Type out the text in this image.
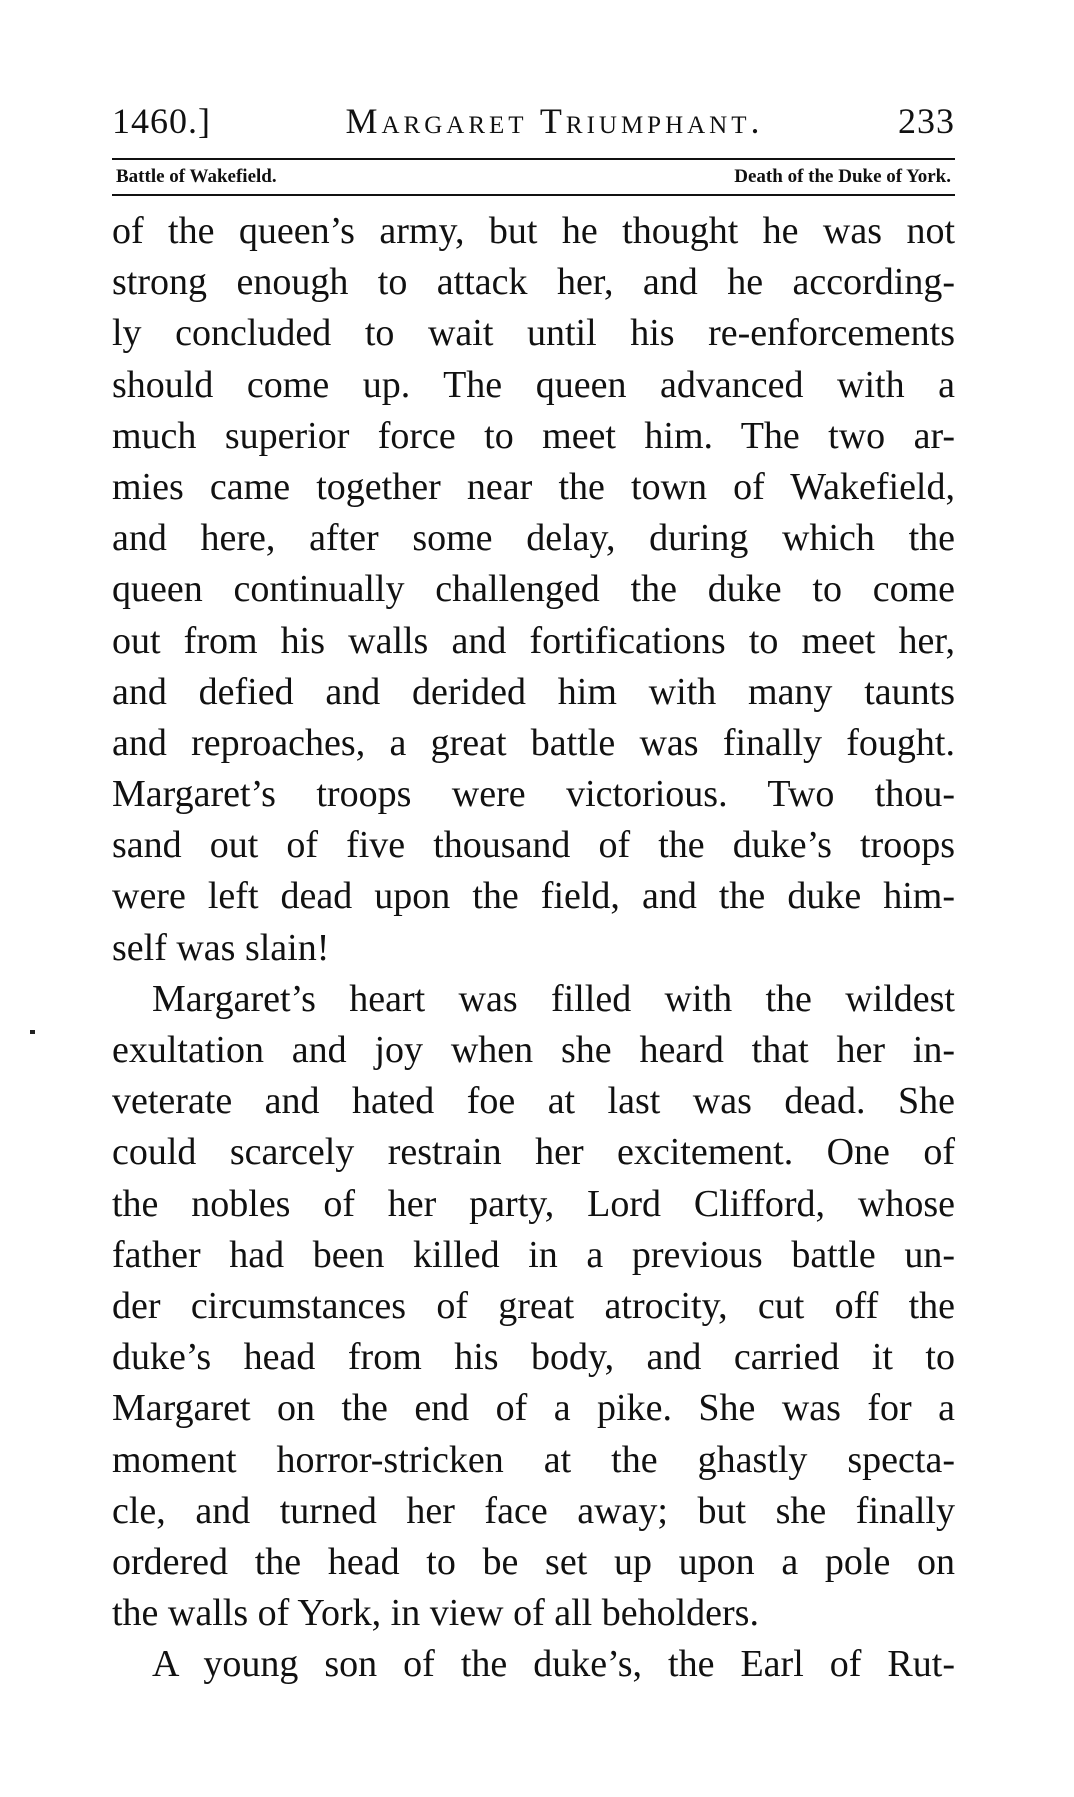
1460.]	Margaret Triumphant.	233
Battle of Wakefield.	Death of the Duke of York.
of the queen’s army, but he thought he was not
strong enough to attack her, and he according-
ly concluded to wait until his re-enforcements
should come up. The queen advanced with a
much superior force to meet him. The two ar-
mies came together near the town of Wakefield,
and here, after some delay, during which the
queen continually challenged the duke to come
out from his walls and fortifications to meet her,
and defied and derided him with many taunts
and reproaches, a great battle was finally fought.
Margaret’s troops were victorious. Two thou-
sand out of five thousand of the duke’s troops
were left dead upon the field, and the duke him-
self was slain!
Margaret’s heart was filled with the wildest
exultation and joy when she heard that her in-
veterate and hated foe at last was dead. She
could scarcely restrain her excitement. One of
the nobles of her party, Lord Clifford, whose
father had been killed in a previous battle un-
der circumstances of great atrocity, cut off the
duke’s head from his body, and carried it to
Margaret on the end of a pike. She was for a
moment horror-stricken at the ghastly specta-
cle, and turned her face away; but she finally
ordered the head to be set up upon a pole on
the walls of York, in view of all beholders.
A young son of the duke’s, the Earl of Rut-
